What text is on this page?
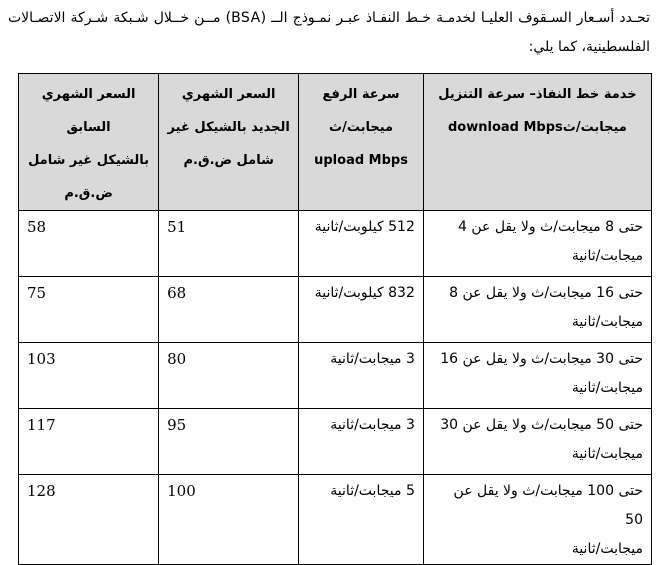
تحـدد أسـعار السـقوف العليـا لخدمـة خـط النفـاذ عبـر نمـوذج الــ (BSA) مــن خــلال شـبكة شـركة الاتصـالات
الفلسطينية، كما يلي:
خدمة خط النفاذ– سرعة التنزيل
ميجابت/ثdownload Mbps	سرعة الرفع
ميجابت/ث
upload Mbps	السعر الشهري
الجديد بالشيكل غير
شامل ض.ق.م	السعر الشهري السابق
بالشيكل غير شامل
ض.ق.م

حتى 8 ميجابت/ث ولا يقل عن 4
ميجابت/ثانية	512 كيلوبت/ثانية	51	58

حتى 16 ميجابت/ث ولا يقل عن 8
ميجابت/ثانية	832 كيلوبت/ثانية	68	75

حتى 30 ميجابت/ث ولا يقل عن 16
ميجابت/ثانية	3 ميجابت/ثانية	80	103

حتى 50 ميجابت/ث ولا يقل عن 30
ميجابت/ثانية	3 ميجابت/ثانية	95	117

حتى 100 ميجابت/ث ولا يقل عن 50
ميجابت/ثانية	5 ميجابت/ثانية	100	128
